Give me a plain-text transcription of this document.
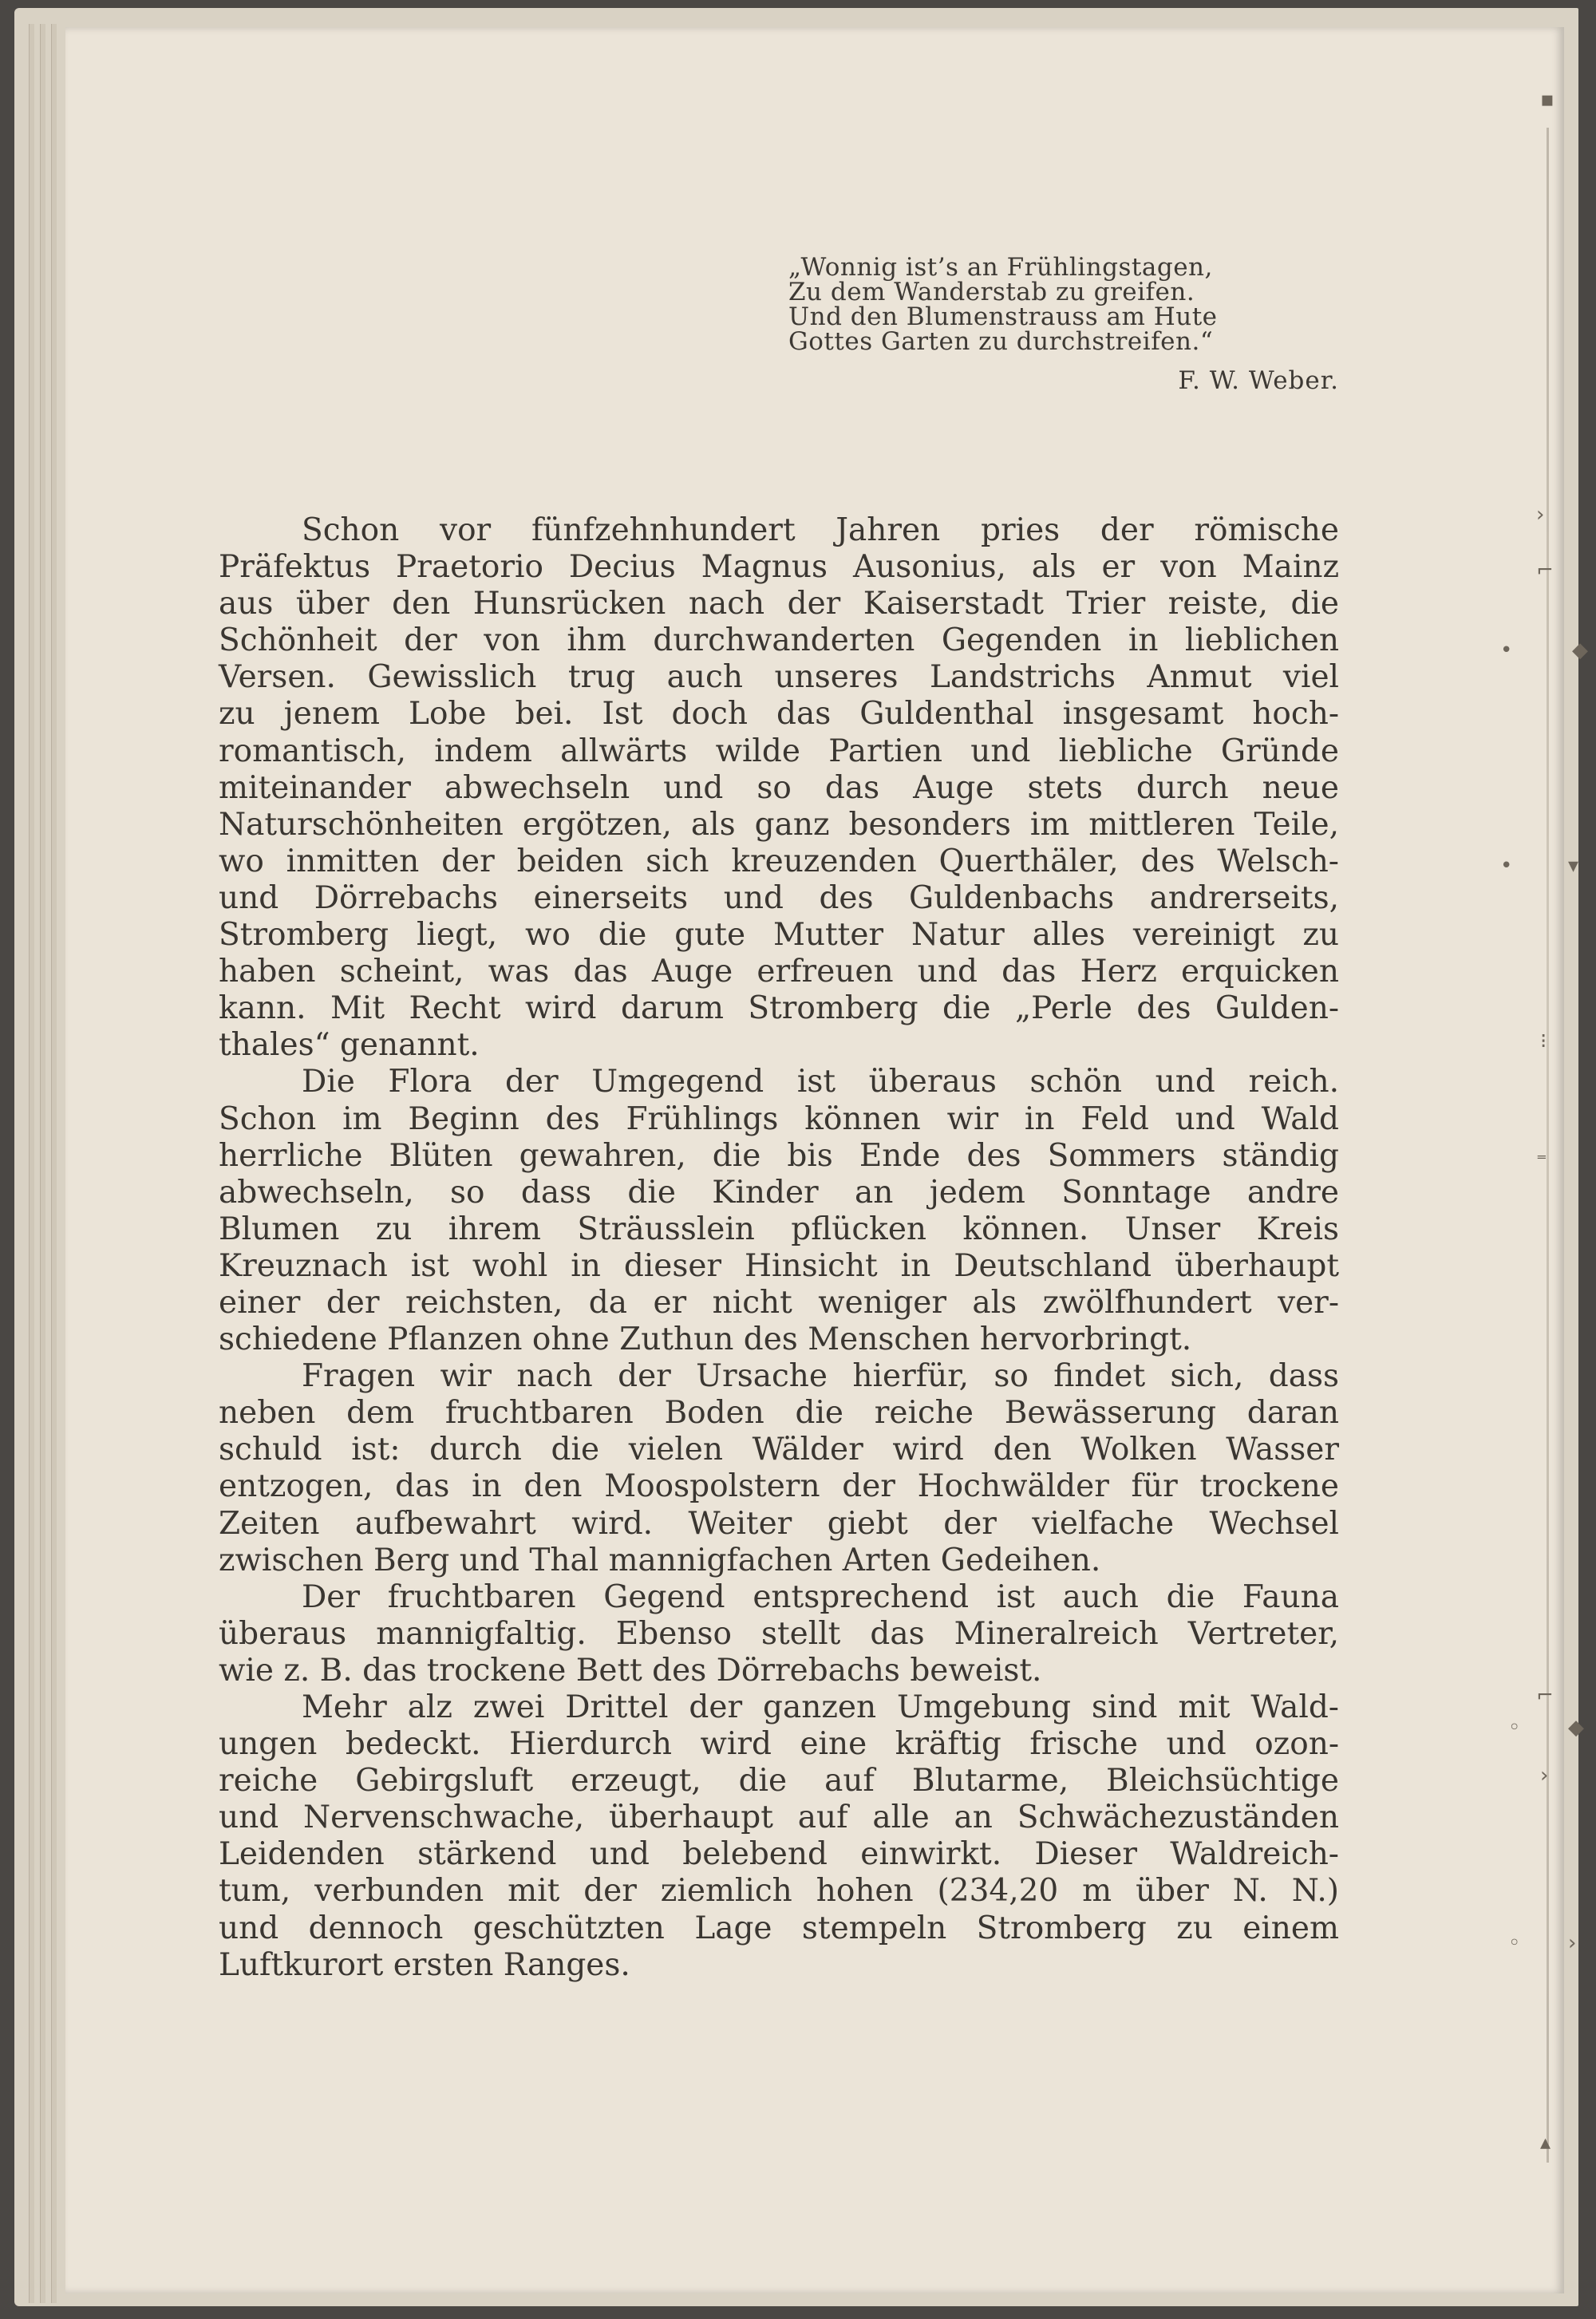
▪
›
⌐
•	◆
•	▾
⁝
⁼
⌐
◦ ◆
›
◦ ›
▴
„Wonnig ist’s an Frühlingstagen,
Zu dem Wanderstab zu greifen.
Und den Blumenstrauss am Hute
Gottes Garten zu durchstreifen.“
F. W. Weber.

Schon vor fünfzehnhundert Jahren pries der römische
Präfektus Praetorio Decius Magnus Ausonius, als er von Mainz
aus über den Hunsrücken nach der Kaiserstadt Trier reiste, die
Schönheit der von ihm durchwanderten Gegenden in lieblichen
Versen. Gewisslich trug auch unseres Landstrichs Anmut viel
zu jenem Lobe bei. Ist doch das Guldenthal insgesamt hoch-
romantisch, indem allwärts wilde Partien und liebliche Gründe
miteinander abwechseln und so das Auge stets durch neue
Naturschönheiten ergötzen, als ganz besonders im mittleren Teile,
wo inmitten der beiden sich kreuzenden Querthäler, des Welsch-
und Dörrebachs einerseits und des Guldenbachs andrerseits,
Stromberg liegt, wo die gute Mutter Natur alles vereinigt zu
haben scheint, was das Auge erfreuen und das Herz erquicken
kann. Mit Recht wird darum Stromberg die „Perle des Gulden-
thales“ genannt.

Die Flora der Umgegend ist überaus schön und reich.
Schon im Beginn des Frühlings können wir in Feld und Wald
herrliche Blüten gewahren, die bis Ende des Sommers ständig
abwechseln, so dass die Kinder an jedem Sonntage andre
Blumen zu ihrem Sträusslein pflücken können. Unser Kreis
Kreuznach ist wohl in dieser Hinsicht in Deutschland überhaupt
einer der reichsten, da er nicht weniger als zwölfhundert ver-
schiedene Pflanzen ohne Zuthun des Menschen hervorbringt.

Fragen wir nach der Ursache hierfür, so findet sich, dass
neben dem fruchtbaren Boden die reiche Bewässerung daran
schuld ist: durch die vielen Wälder wird den Wolken Wasser
entzogen, das in den Moospolstern der Hochwälder für trockene
Zeiten aufbewahrt wird. Weiter giebt der vielfache Wechsel
zwischen Berg und Thal mannigfachen Arten Gedeihen.

Der fruchtbaren Gegend entsprechend ist auch die Fauna
überaus mannigfaltig. Ebenso stellt das Mineralreich Vertreter,
wie z. B. das trockene Bett des Dörrebachs beweist.

Mehr alz zwei Drittel der ganzen Umgebung sind mit Wald-
ungen bedeckt. Hierdurch wird eine kräftig frische und ozon-
reiche Gebirgsluft erzeugt, die auf Blutarme, Bleichsüchtige
und Nervenschwache, überhaupt auf alle an Schwächezuständen
Leidenden stärkend und belebend einwirkt. Dieser Waldreich-
tum, verbunden mit der ziemlich hohen (234,20 m über N. N.)
und dennoch geschützten Lage stempeln Stromberg zu einem
Luftkurort ersten Ranges.
